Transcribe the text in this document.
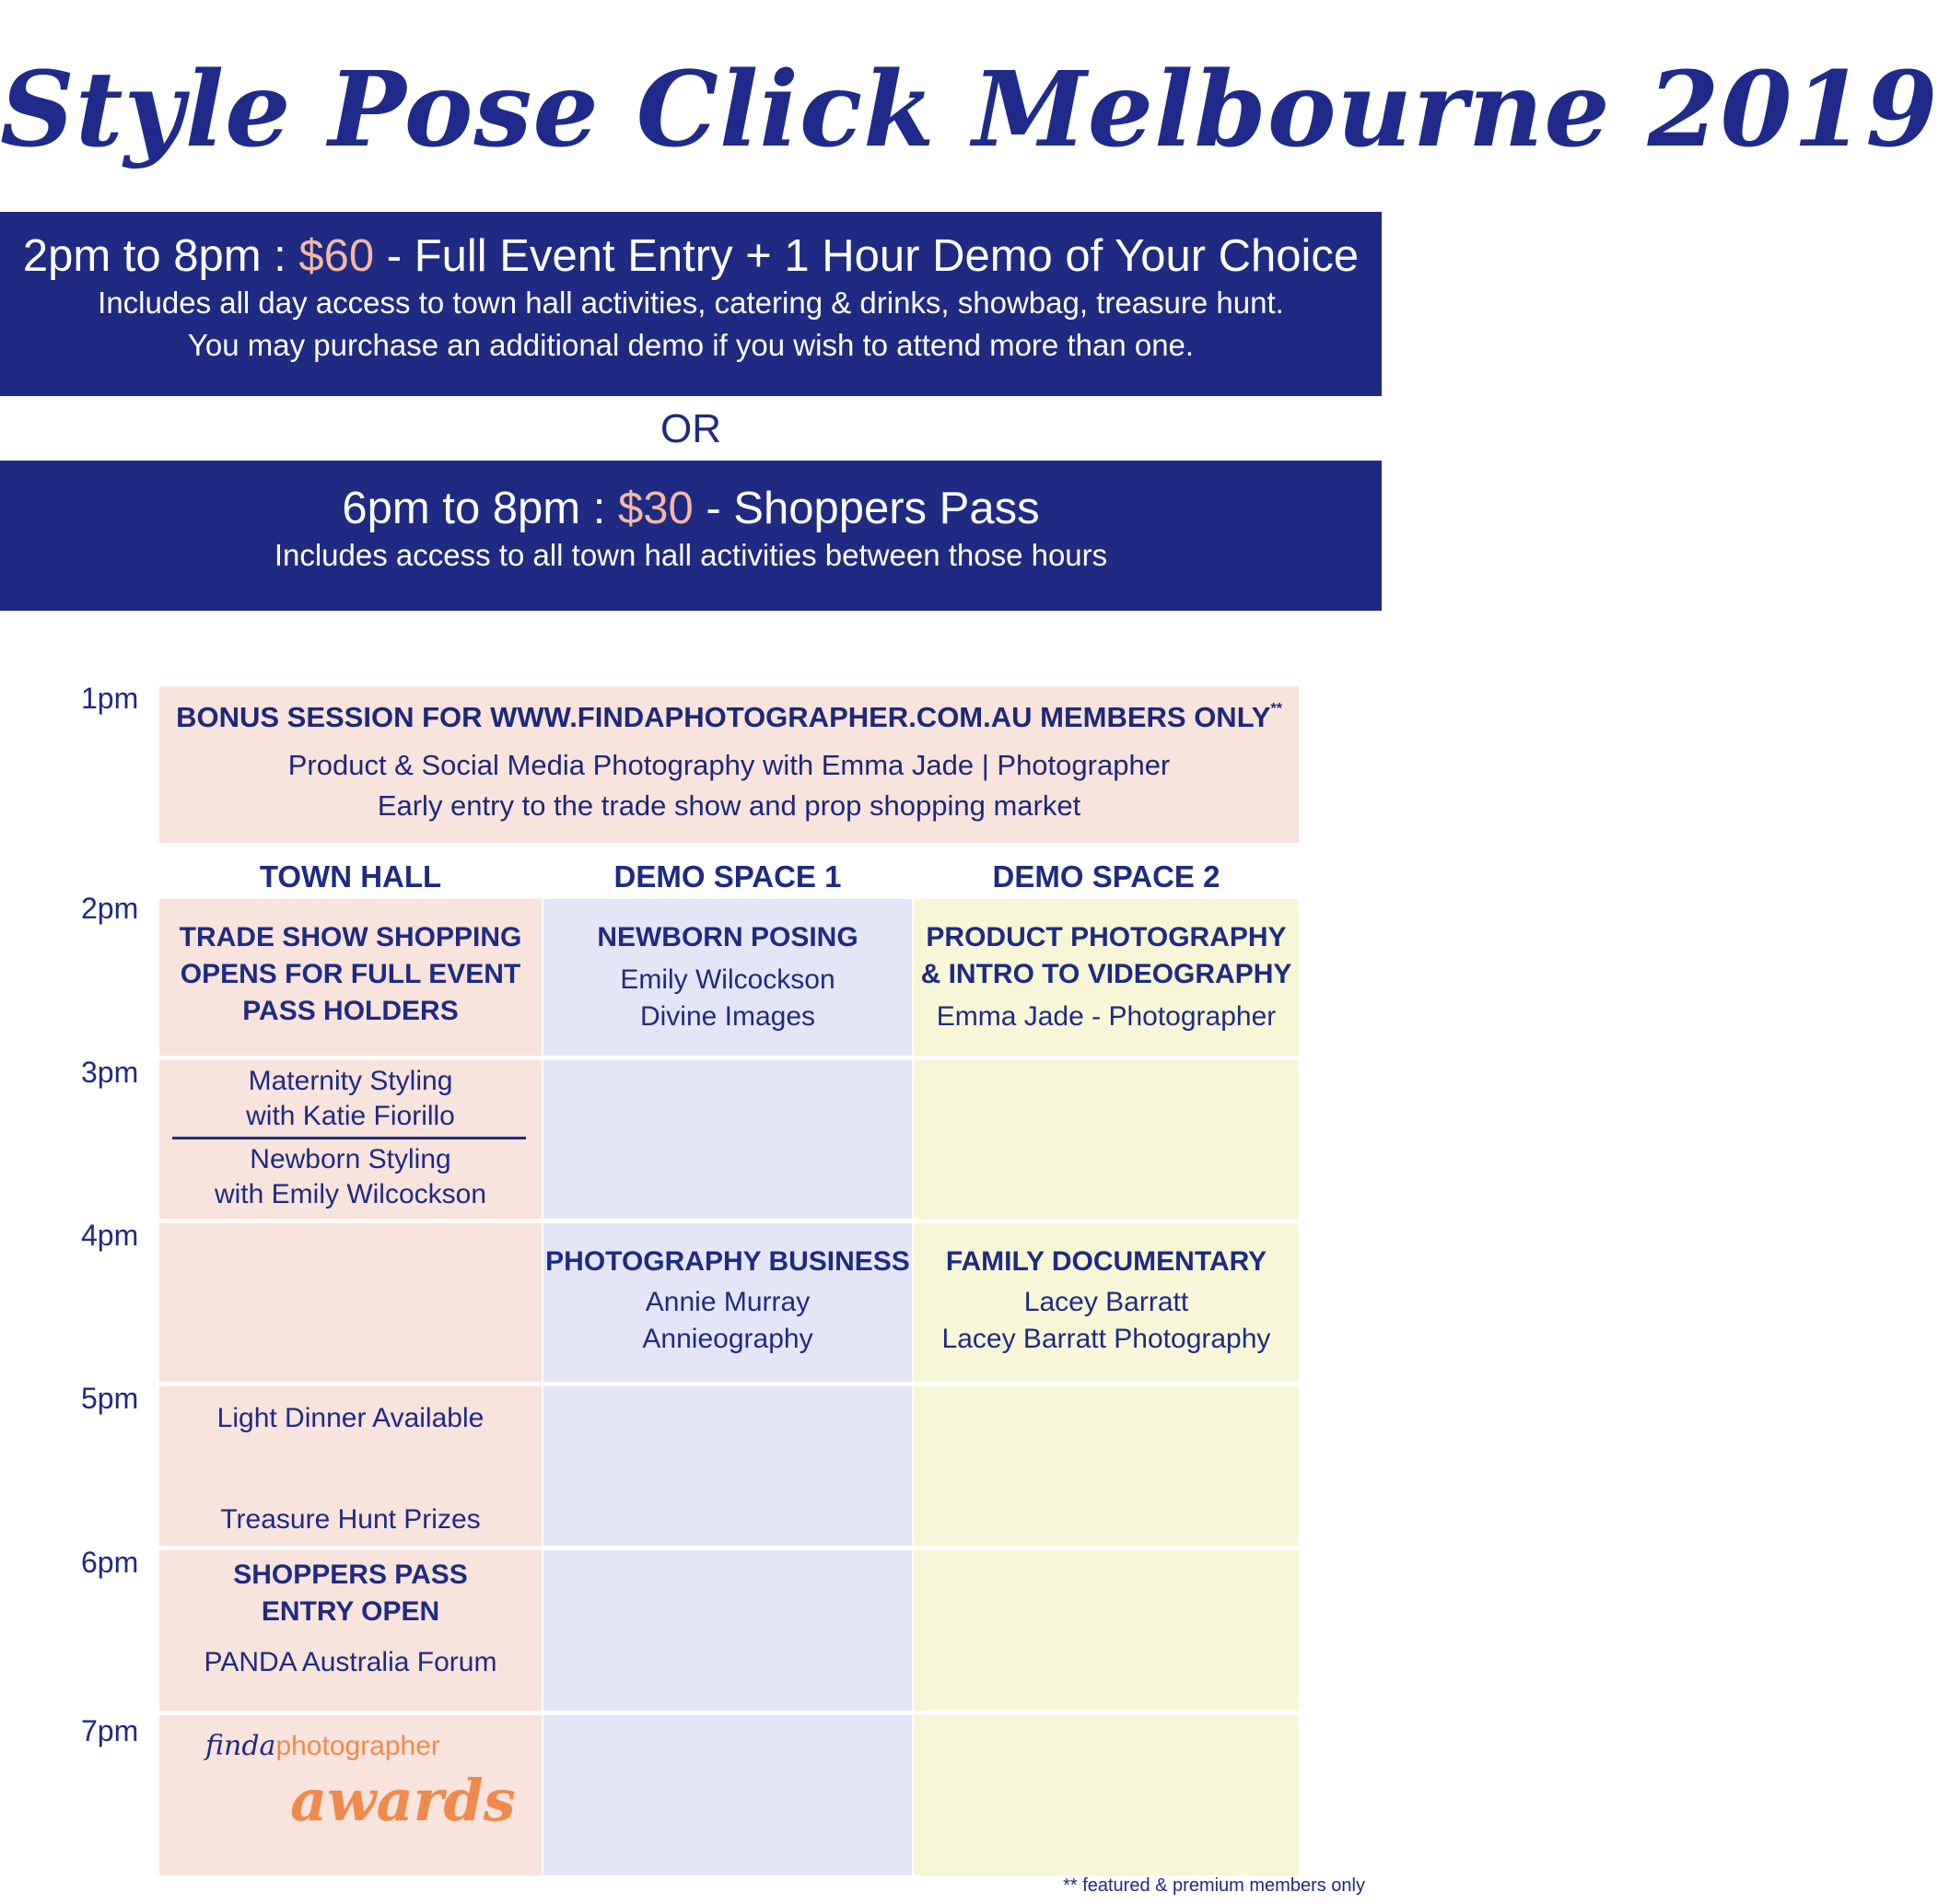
Style Pose Click Melbourne 2019
2pm to 8pm : $60 - Full Event Entry + 1 Hour Demo of Your Choice
Includes all day access to town hall activities, catering & drinks, showbag, treasure hunt.
You may purchase an additional demo if you wish to attend more than one.
OR
6pm to 8pm : $30 - Shoppers Pass
Includes access to all town hall activities between those hours
1pm
2pm
3pm
4pm
5pm
6pm
7pm
BONUS SESSION FOR WWW.FINDAPHOTOGRAPHER.COM.AU MEMBERS ONLY**
Product & Social Media Photography with Emma Jade | Photographer
Early entry to the trade show and prop shopping market
TOWN HALL	DEMO SPACE 1	DEMO SPACE 2
TRADE SHOW SHOPPING
OPENS FOR FULL EVENT
PASS HOLDERS
Maternity Styling
with Katie Fiorillo
Newborn Styling
with Emily Wilcockson
Light Dinner Available
Treasure Hunt Prizes
SHOPPERS PASS
ENTRY OPEN
PANDA Australia Forum
findaphotographer
awards
NEWBORN POSING
Emily Wilcockson
Divine Images
PHOTOGRAPHY BUSINESS
Annie Murray
Annieography
PRODUCT PHOTOGRAPHY
& INTRO TO VIDEOGRAPHY
Emma Jade - Photographer
FAMILY DOCUMENTARY
Lacey Barratt
Lacey Barratt Photography
** featured & premium members only
